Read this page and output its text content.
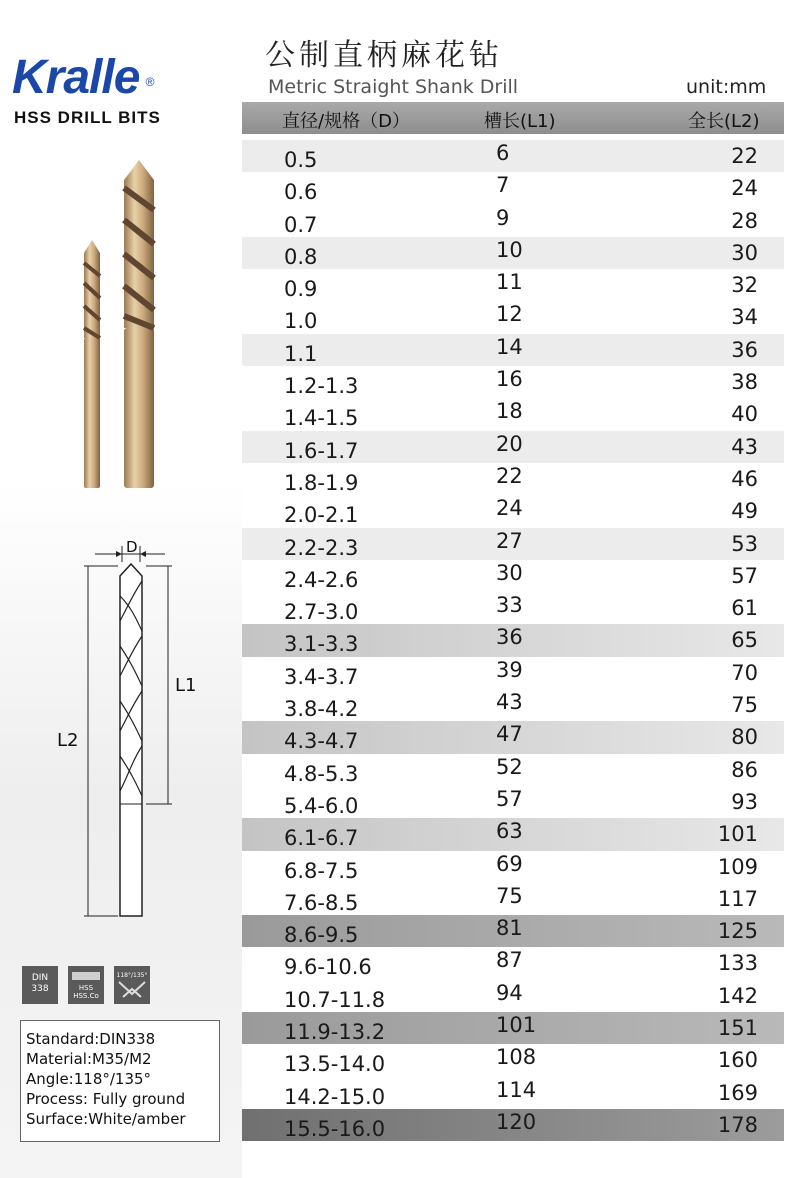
Kralle ®
HSS DRILL BITS
公制直柄麻花钻
Metric Straight Shank Drill	unit:mm
直径/规格（D）	槽长(L1)	全长(L2)
0.5	6	22
0.6	7	24
0.7	9	28
0.8	10	30
0.9	11	32
1.0	12	34
1.1	14	36
1.2-1.3	16	38
1.4-1.5	18	40
1.6-1.7	20	43
1.8-1.9	22	46
2.0-2.1	24	49
2.2-2.3	27	53
2.4-2.6	30	57
2.7-3.0	33	61
3.1-3.3	36	65
3.4-3.7	39	70
3.8-4.2	43	75
4.3-4.7	47	80
4.8-5.3	52	86
5.4-6.0	57	93
6.1-6.7	63	101
6.8-7.5	69	109
7.6-8.5	75	117
8.6-9.5	81	125
9.6-10.6	87	133
10.7-11.8	94	142
11.9-13.2	101	151
13.5-14.0	108	160
14.2-15.0	114	169
15.5-16.0	120	178
D
L1
L2
DIN
338	HSS
HSS.Co
118°/135°
Standard:DIN338
Material:M35/M2
Angle:118°/135°
Process: Fully ground
Surface:White/amber
